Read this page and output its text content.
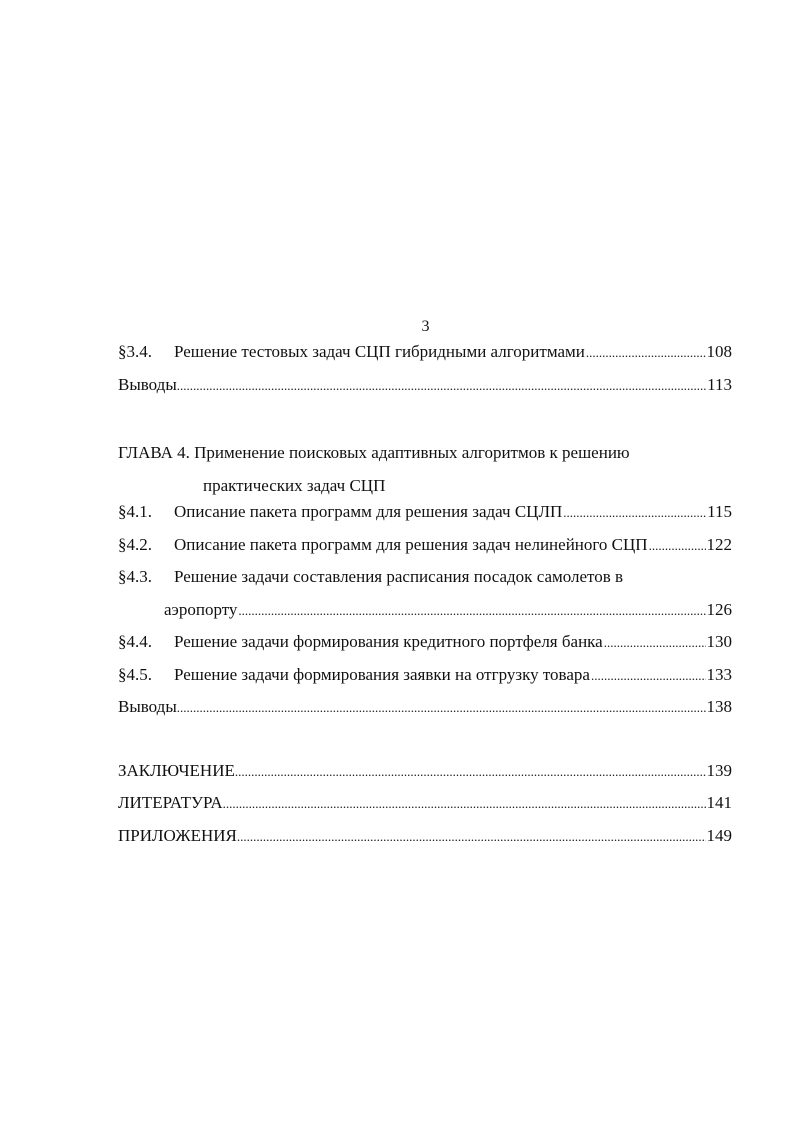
3
§3.4.	Решение тестовых задач СЦП гибридными алгоритмами .....	108
Выводы .....	113
ГЛАВА 4. Применение поисковых адаптивных алгоритмов к решению
практических задач СЦП
§4.1.	Описание пакета программ для решения задач СЦЛП .....	115
§4.2.	Описание пакета программ для решения задач нелинейного СЦП .....	122
§4.3.	Решение задачи составления расписания посадок самолетов в
аэропорту .....	126
§4.4.	Решение задачи формирования кредитного портфеля банка .....	130
§4.5.	Решение задачи формирования заявки на отгрузку товара .....	133
Выводы .....	138
ЗАКЛЮЧЕНИЕ .....	139
ЛИТЕРАТУРА .....	141
ПРИЛОЖЕНИЯ .....	149
